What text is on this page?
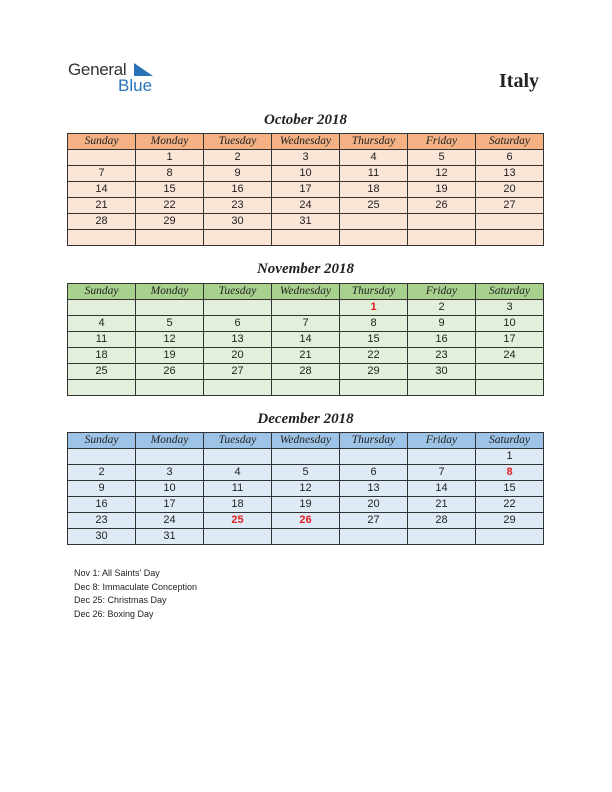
General
Blue	Italy
October 2018
Sunday	Monday	Tuesday	Wednesday	Thursday	Friday	Saturday
	1	2	3	4	5	6
7	8	9	10	11	12	13
14	15	16	17	18	19	20
21	22	23	24	25	26	27
28	29	30	31			

November 2018
Sunday	Monday	Tuesday	Wednesday	Thursday	Friday	Saturday
				1	2	3
4	5	6	7	8	9	10
11	12	13	14	15	16	17
18	19	20	21	22	23	24
25	26	27	28	29	30	

December 2018
Sunday	Monday	Tuesday	Wednesday	Thursday	Friday	Saturday
						1
2	3	4	5	6	7	8
9	10	11	12	13	14	15
16	17	18	19	20	21	22
23	24	25	26	27	28	29
30	31					
Nov 1: All Saints' Day
Dec 8: Immaculate Conception
Dec 25: Christmas Day
Dec 26: Boxing Day
